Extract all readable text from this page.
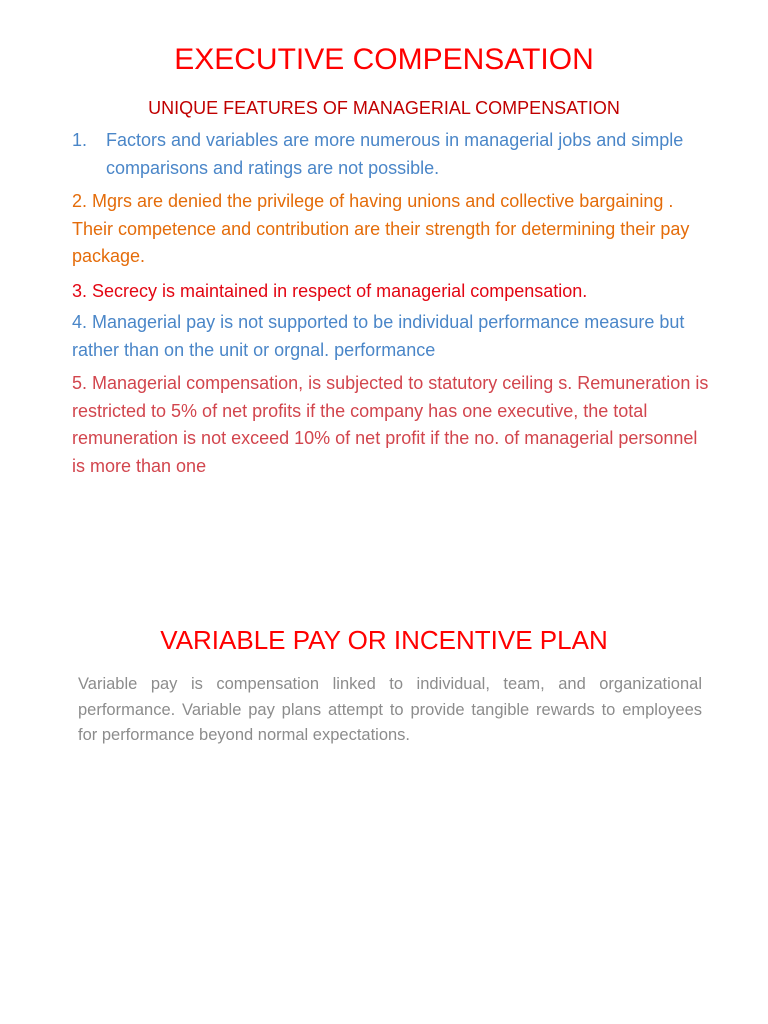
EXECUTIVE COMPENSATION
UNIQUE FEATURES OF MANAGERIAL COMPENSATION
1.	Factors and variables are more numerous in managerial jobs and simple comparisons and ratings are not possible.

2. Mgrs are denied the privilege of having unions and collective bargaining . Their competence and contribution are their strength for determining their pay package.

3. Secrecy is maintained in respect of managerial compensation.

4. Managerial pay is not supported to be individual performance measure but rather than on the unit or orgnal. performance

5. Managerial compensation, is subjected to statutory ceiling s. Remuneration is restricted to 5% of net profits if the company has one executive, the total remuneration is not exceed 10% of net profit if the no. of managerial personnel is more than one

VARIABLE PAY OR INCENTIVE PLAN

Variable pay is compensation linked to individual, team, and organizational performance. Variable pay plans attempt to provide tangible rewards to employees for performance beyond normal expectations.
